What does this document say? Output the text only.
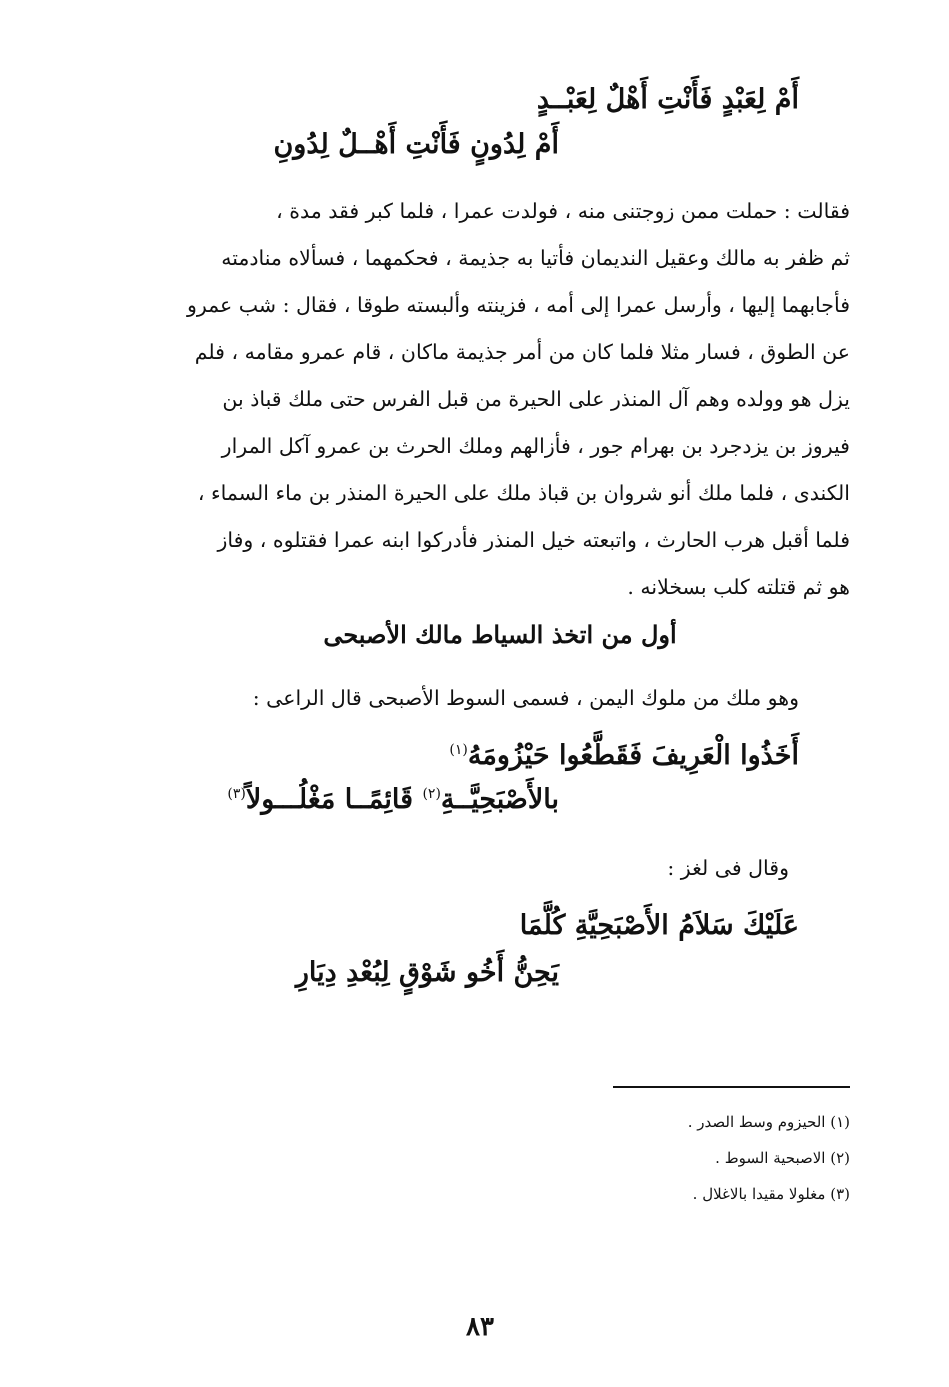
أَمْ لِعَبْدٍ فَأَنْتِ أَهْلٌ لِعَبْــدٍ
أَمْ لِدُونٍ فَأَنْتِ أَهْــلٌ لِدُونِ

فقالت : حملت ممن زوجتنى منه ، فولدت عمرا ، فلما كبر فقد مدة ،

ثم ظفر به مالك وعقيل النديمان فأتيا به جذيمة ، فحكمهما ، فسألاه منادمته

فأجابهما إليها ، وأرسل عمرا إلى أمه ، فزينته وألبسته طوقا ، فقال : شب عمرو

عن الطوق ، فسار مثلا فلما كان من أمر جذيمة ماكان ، قام عمرو مقامه ، فلم

يزل هو وولده وهم آل المنذر على الحيرة من قبل الفرس حتى ملك قباذ بن

فيروز بن يزدجرد بن بهرام جور ، فأزالهم وملك الحرث بن عمرو آكل المرار

الكندى ، فلما ملك أنو شروان بن قباذ ملك على الحيرة المنذر بن ماء السماء ،

فلما أقبل هرب الحارث ، واتبعته خيل المنذر فأدركوا ابنه عمرا فقتلوه ، وفاز

هو ثم قتلته كلب بسخلانه .

أول من اتخذ السياط مالك الأصبحى
وهو ملك من ملوك اليمن ، فسمى السوط الأصبحى قال الراعى :
أَخَذُوا الْعَرِيفَ فَقَطَّعُوا حَيْزُومَهُ$^{(١)}$
بالأَصْبَحِيَّــةِ$^{(٢)}$ قَائِمًــا مَغْلُـــولاً$^{(٣)}$
وقال فى لغز :
عَلَيْكَ سَلاَمُ الأَصْبَحِيَّةِ كُلَّمَا
يَحِنُّ أَخُو شَوْقٍ لِبُعْدِ دِيَارِ
(١) الحيزوم وسط الصدر .
(٢) الاصبحية السوط .
(٣) مغلولا مقيدا بالاغلال .
٨٣
